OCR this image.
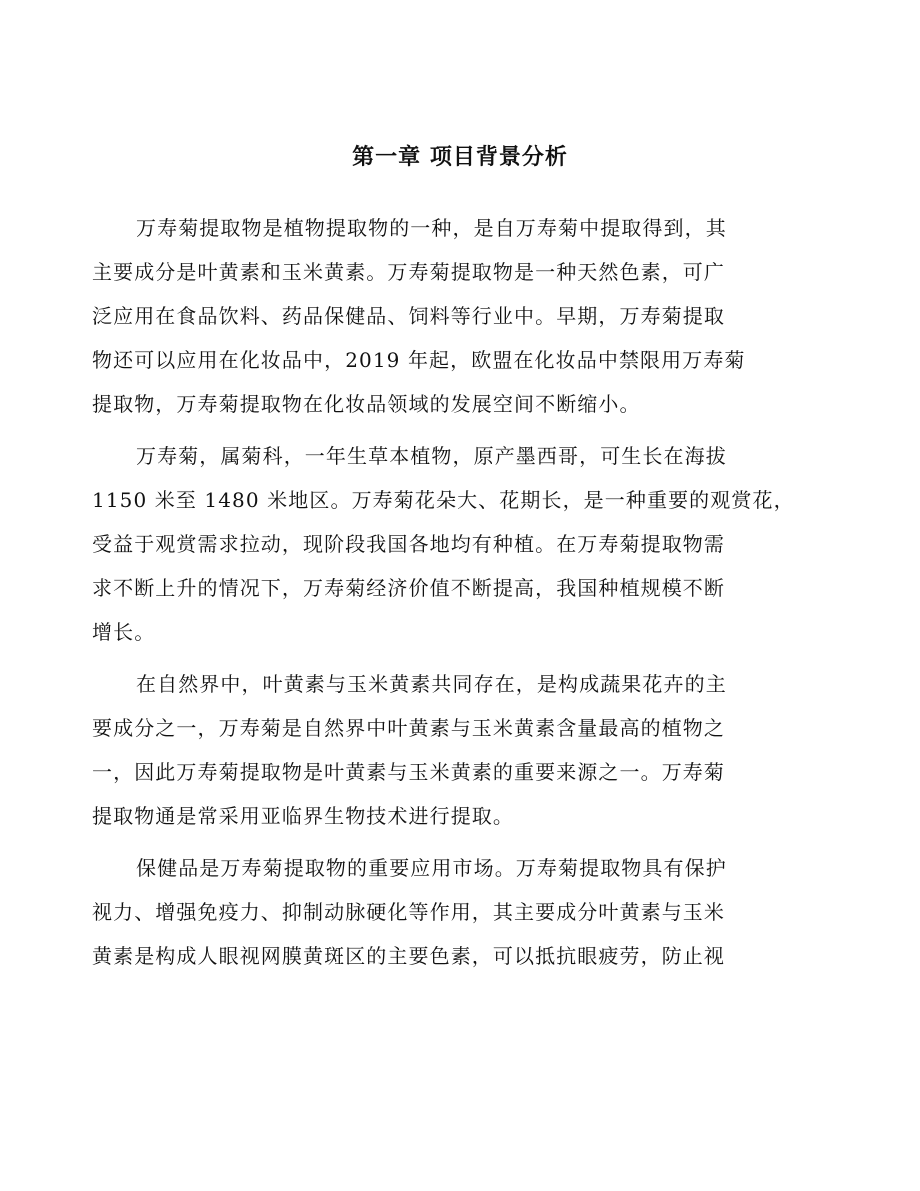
第一章 项目背景分析
万寿菊提取物是植物提取物的一种，是自万寿菊中提取得到，其
主要成分是叶黄素和玉米黄素。万寿菊提取物是一种天然色素，可广
泛应用在食品饮料、药品保健品、饲料等行业中。早期，万寿菊提取
物还可以应用在化妆品中，2019 年起，欧盟在化妆品中禁限用万寿菊
提取物，万寿菊提取物在化妆品领域的发展空间不断缩小。
万寿菊，属菊科，一年生草本植物，原产墨西哥，可生长在海拔
1150 米至 1480 米地区。万寿菊花朵大、花期长，是一种重要的观赏花，
受益于观赏需求拉动，现阶段我国各地均有种植。在万寿菊提取物需
求不断上升的情况下，万寿菊经济价值不断提高，我国种植规模不断
增长。
在自然界中，叶黄素与玉米黄素共同存在，是构成蔬果花卉的主
要成分之一，万寿菊是自然界中叶黄素与玉米黄素含量最高的植物之
一，因此万寿菊提取物是叶黄素与玉米黄素的重要来源之一。万寿菊
提取物通是常采用亚临界生物技术进行提取。
保健品是万寿菊提取物的重要应用市场。万寿菊提取物具有保护
视力、增强免疫力、抑制动脉硬化等作用，其主要成分叶黄素与玉米
黄素是构成人眼视网膜黄斑区的主要色素，可以抵抗眼疲劳，防止视
